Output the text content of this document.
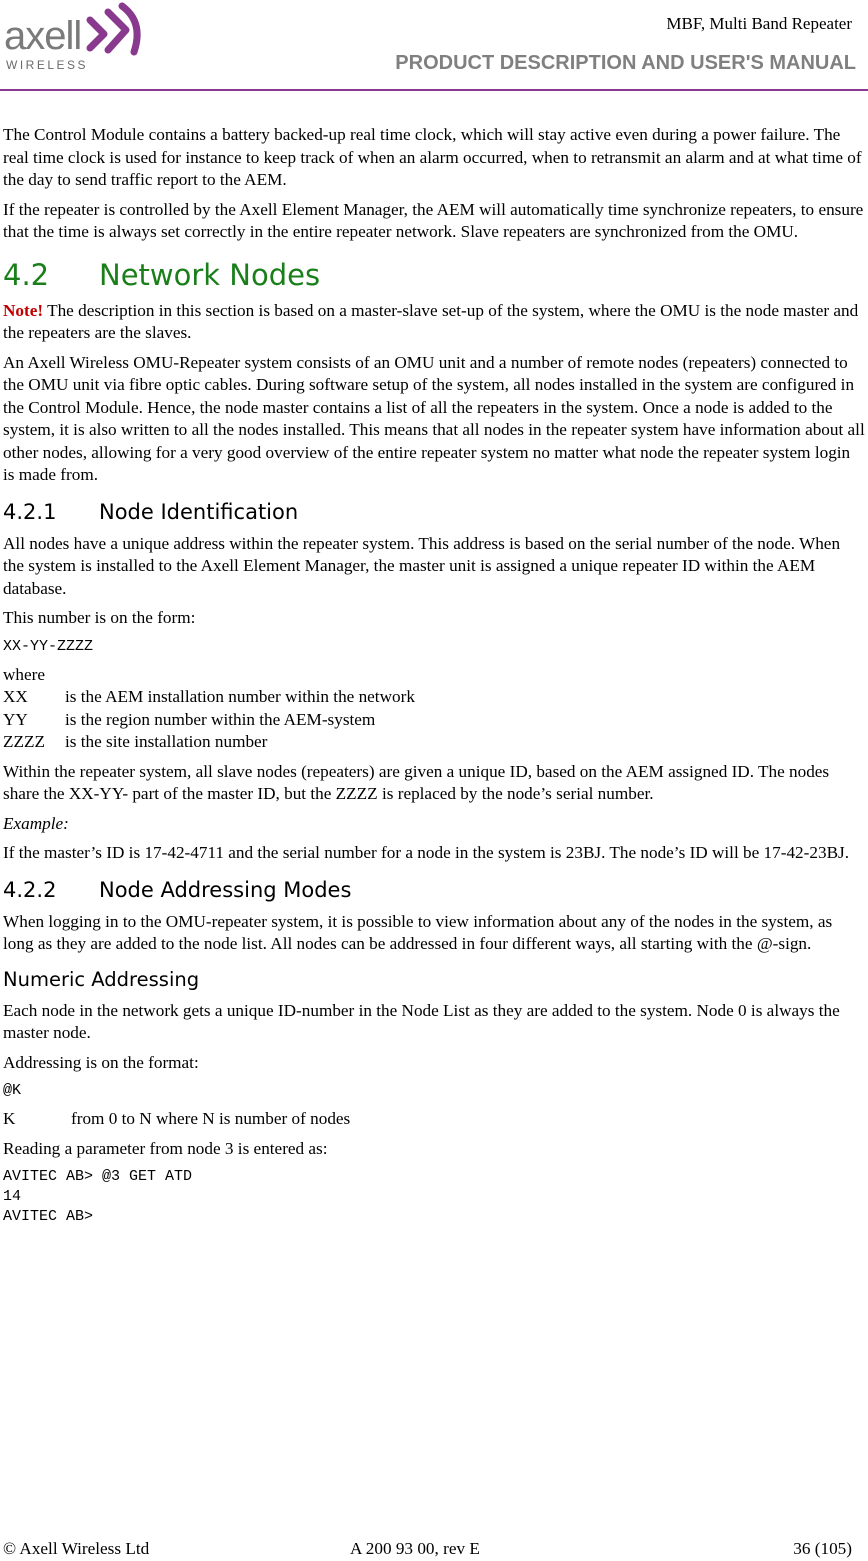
axell
WIRELESS
MBF, Multi Band Repeater
PRODUCT DESCRIPTION AND USER'S MANUAL

The Control Module contains a battery backed-up real time clock, which will stay active even during a power failure. The real time clock is used for instance to keep track of when an alarm occurred, when to retransmit an alarm and at what time of the day to send traffic report to the AEM.

If the repeater is controlled by the Axell Element Manager, the AEM will automatically time synchronize repeaters, to ensure that the time is always set correctly in the entire repeater network. Slave repeaters are synchronized from the OMU.

4.2 Network Nodes

Note! The description in this section is based on a master-slave set-up of the system, where the OMU is the node master and the repeaters are the slaves.

An Axell Wireless OMU-Repeater system consists of an OMU unit and a number of remote nodes (repeaters) connected to the OMU unit via fibre optic cables. During software setup of the system, all nodes installed in the system are configured in the Control Module. Hence, the node master contains a list of all the repeaters in the system. Once a node is added to the system, it is also written to all the nodes installed. This means that all nodes in the repeater system have information about all other nodes, allowing for a very good overview of the entire repeater system no matter what node the repeater system login is made from.

4.2.1 Node Identification

All nodes have a unique address within the repeater system. This address is based on the serial number of the node. When the system is installed to the Axell Element Manager, the master unit is assigned a unique repeater ID within the AEM database.

This number is on the form:

XX-YY-ZZZZ
where
XX	is the AEM installation number within the network
YY	is the region number within the AEM-system
ZZZZ	is the site installation number

Within the repeater system, all slave nodes (repeaters) are given a unique ID, based on the AEM assigned ID. The nodes share the XX-YY- part of the master ID, but the ZZZZ is replaced by the node’s serial number.

Example:

If the master’s ID is 17-42-4711 and the serial number for a node in the system is 23BJ. The node’s ID will be 17-42-23BJ.

4.2.2 Node Addressing Modes

When logging in to the OMU-repeater system, it is possible to view information about any of the nodes in the system, as long as they are added to the node list. All nodes can be addressed in four different ways, all starting with the @-sign.

Numeric Addressing

Each node in the network gets a unique ID-number in the Node List as they are added to the system. Node 0 is always the master node.

Addressing is on the format:

@K
K	from 0 to N where N is number of nodes

Reading a parameter from node 3 is entered as:

AVITEC AB> @3 GET ATD
14
AVITEC AB>
© Axell Wireless Ltd	A 200 93 00, rev E	36 (105)
